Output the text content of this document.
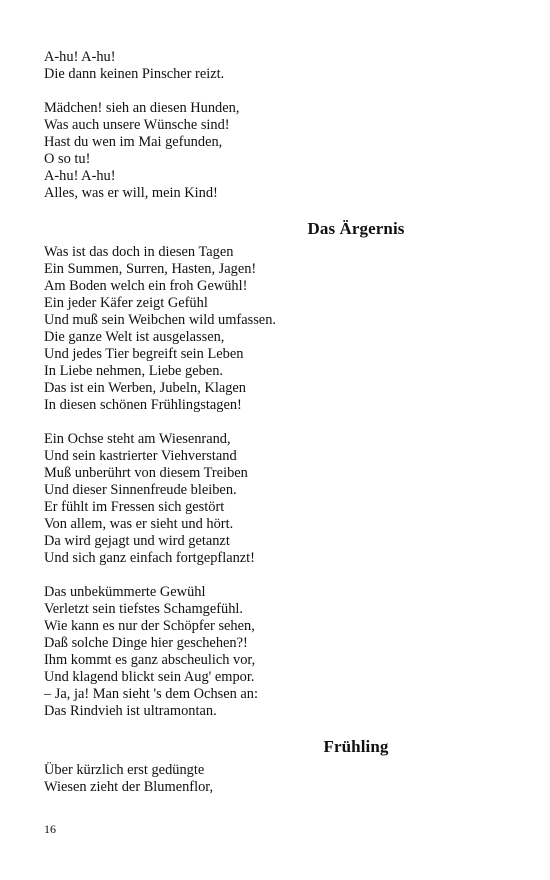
A-hu! A-hu!
Die dann keinen Pinscher reizt.
Mädchen! sieh an diesen Hunden,
Was auch unsere Wünsche sind!
Hast du wen im Mai gefunden,
O so tu!
A-hu! A-hu!
Alles, was er will, mein Kind!
Das Ärgernis
Was ist das doch in diesen Tagen
Ein Summen, Surren, Hasten, Jagen!
Am Boden welch ein froh Gewühl!
Ein jeder Käfer zeigt Gefühl
Und muß sein Weibchen wild umfassen.
Die ganze Welt ist ausgelassen,
Und jedes Tier begreift sein Leben
In Liebe nehmen, Liebe geben.
Das ist ein Werben, Jubeln, Klagen
In diesen schönen Frühlingstagen!
Ein Ochse steht am Wiesenrand,
Und sein kastrierter Viehverstand
Muß unberührt von diesem Treiben
Und dieser Sinnenfreude bleiben.
Er fühlt im Fressen sich gestört
Von allem, was er sieht und hört.
Da wird gejagt und wird getanzt
Und sich ganz einfach fortgepflanzt!
Das unbekümmerte Gewühl
Verletzt sein tiefstes Schamgefühl.
Wie kann es nur der Schöpfer sehen,
Daß solche Dinge hier geschehen?!
Ihm kommt es ganz abscheulich vor,
Und klagend blickt sein Aug' empor.
– Ja, ja! Man sieht 's dem Ochsen an:
Das Rindvieh ist ultramontan.
Frühling
Über kürzlich erst gedüngte
Wiesen zieht der Blumenflor,
16
